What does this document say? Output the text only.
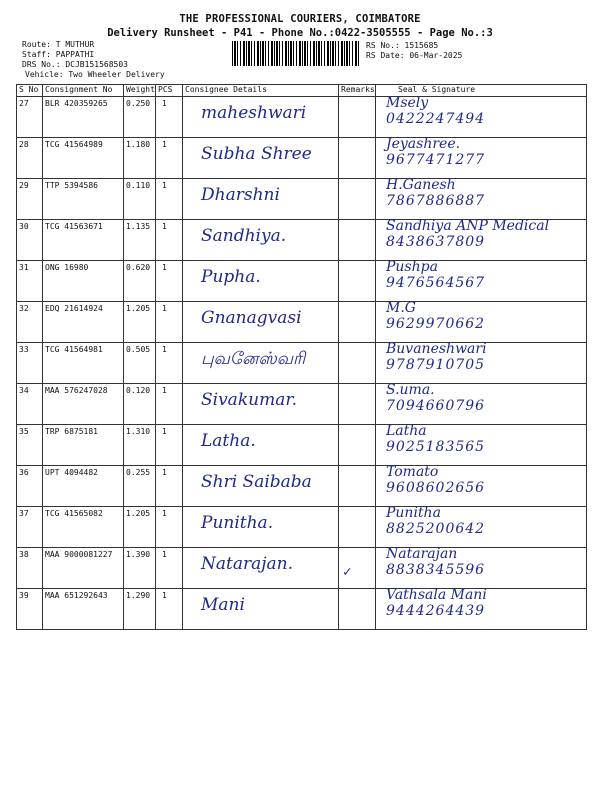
THE PROFESSIONAL COURIERS, COIMBATORE
Delivery Runsheet - P41 - Phone No.:0422-3505555 - Page No.:3
Route: T MUTHUR
Staff: PAPPATHI
DRS No.: DCJB151568503
Vehicle: Two Wheeler Delivery
RS No.: 1515685
RS Date: 06-Mar-2025
S No	Consignment No	Weight	PCS	Consignee Details	Remarks	Seal & Signature
27	BLR 420359265	0.250	1	maheshwari		Msely
0422247494

28	TCG 41564989	1.180	1	Subha Shree		Jeyashree.
9677471277

29	TTP 5394586	0.110	1	Dharshni		H.Ganesh
7867886887

30	TCG 41563671	1.135	1	Sandhiya.		Sandhiya ANP Medical
8438637809

31	ONG 16980	0.620	1	Pupha.		Pushpa
9476564567

32	EDQ 21614924	1.205	1	Gnanagvasi		M.G
9629970662

33	TCG 41564981	0.505	1	புவனேஸ்வரி		Buvaneshwari
9787910705

34	MAA 576247028	0.120	1	Sivakumar.		S.uma.
7094660796

35	TRP 6875181	1.310	1	Latha.		Latha
9025183565

36	UPT 4094482	0.255	1	Shri Saibaba		Tomato
9608602656

37	TCG 41565082	1.205	1	Punitha.		Punitha
8825200642

38	MAA 9000081227	1.390	1	Natarajan.	✓	Natarajan
8838345596

39	MAA 651292643	1.290	1	Mani		Vathsala Mani
9444264439
